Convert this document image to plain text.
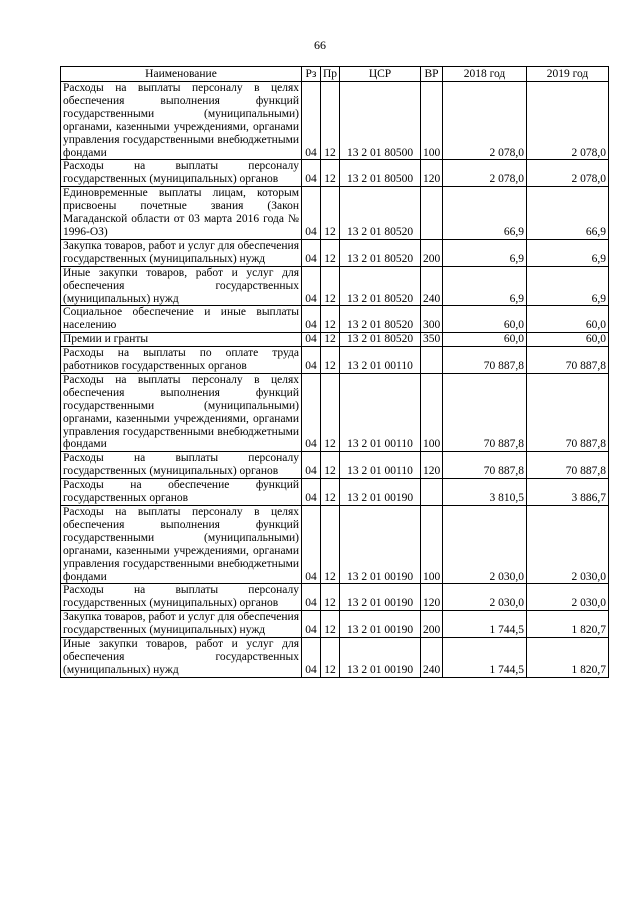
66
Наименование	Рз	Пр	ЦСР	ВР	2018 год	2019 год
Расходы на выплаты персоналу в целях обеспечения выполнения функций государственными (муниципальными) органами, казенными учреждениями, органами управления государственными внебюджетными фондами	04	12	13 2 01 80500	100	2 078,0	2 078,0
Расходы на выплаты персоналу государственных (муниципальных) органов	04	12	13 2 01 80500	120	2 078,0	2 078,0
Единовременные выплаты лицам, которым присвоены почетные звания (Закон Магаданской области от 03 марта 2016 года № 1996-ОЗ)	04	12	13 2 01 80520		66,9	66,9
Закупка товаров, работ и услуг для обеспечения государственных (муниципальных) нужд	04	12	13 2 01 80520	200	6,9	6,9
Иные закупки товаров, работ и услуг для обеспечения государственных (муниципальных) нужд	04	12	13 2 01 80520	240	6,9	6,9
Социальное обеспечение и иные выплаты населению	04	12	13 2 01 80520	300	60,0	60,0
Премии и гранты	04	12	13 2 01 80520	350	60,0	60,0
Расходы на выплаты по оплате труда работников государственных органов	04	12	13 2 01 00110		70 887,8	70 887,8
Расходы на выплаты персоналу в целях обеспечения выполнения функций государственными (муниципальными) органами, казенными учреждениями, органами управления государственными внебюджетными фондами	04	12	13 2 01 00110	100	70 887,8	70 887,8
Расходы на выплаты персоналу государственных (муниципальных) органов	04	12	13 2 01 00110	120	70 887,8	70 887,8
Расходы на обеспечение функций государственных органов	04	12	13 2 01 00190		3 810,5	3 886,7
Расходы на выплаты персоналу в целях обеспечения выполнения функций государственными (муниципальными) органами, казенными учреждениями, органами управления государственными внебюджетными фондами	04	12	13 2 01 00190	100	2 030,0	2 030,0
Расходы на выплаты персоналу государственных (муниципальных) органов	04	12	13 2 01 00190	120	2 030,0	2 030,0
Закупка товаров, работ и услуг для обеспечения государственных (муниципальных) нужд	04	12	13 2 01 00190	200	1 744,5	1 820,7
Иные закупки товаров, работ и услуг для обеспечения государственных (муниципальных) нужд	04	12	13 2 01 00190	240	1 744,5	1 820,7
